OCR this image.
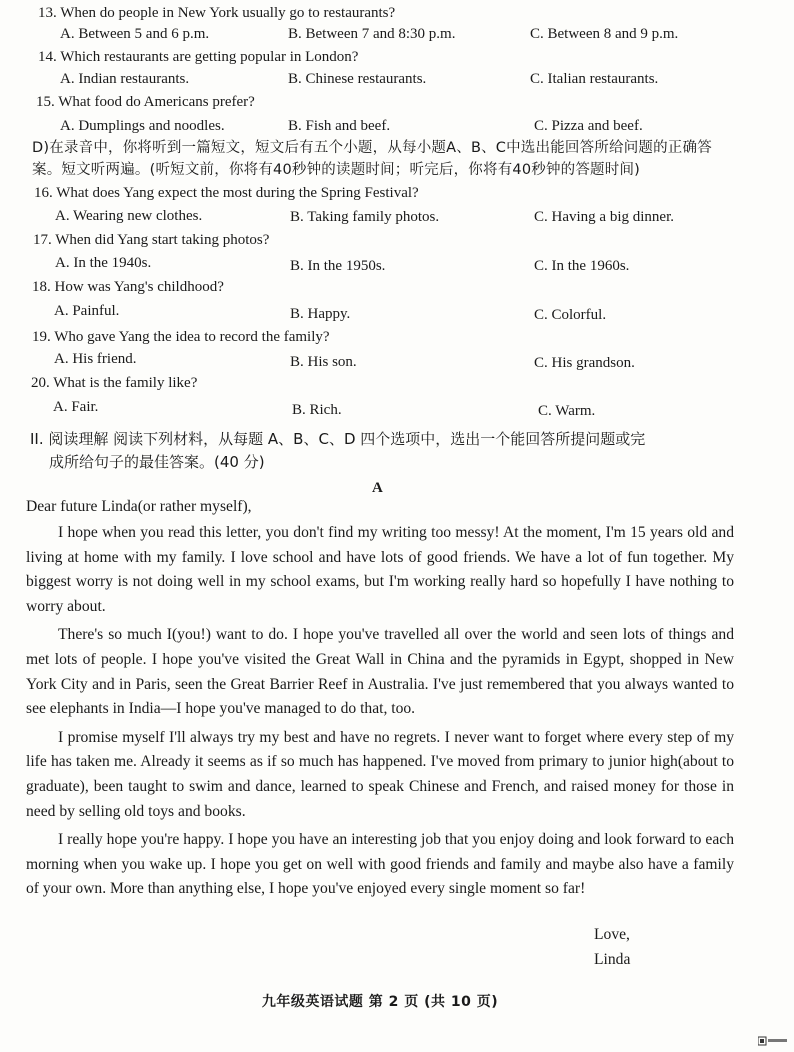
13. When do people in New York usually go to restaurants?
A. Between 5 and 6 p.m.	B. Between 7 and 8:30 p.m.	C. Between 8 and 9 p.m.
14. Which restaurants are getting popular in London?
A. Indian restaurants.	B. Chinese restaurants.	C. Italian restaurants.
15. What food do Americans prefer?
A. Dumplings and noodles.	B. Fish and beef.	C. Pizza and beef.
D)在录音中，你将听到一篇短文，短文后有五个小题，从每小题A、B、C中选出能回答所给问题的正确答
案。短文听两遍。(听短文前，你将有40秒钟的读题时间；听完后，你将有40秒钟的答题时间)
16. What does Yang expect the most during the Spring Festival?
A. Wearing new clothes.	B. Taking family photos.	C. Having a big dinner.
17. When did Yang start taking photos?
A. In the 1940s.	B. In the 1950s.	C. In the 1960s.
18. How was Yang's childhood?
A. Painful.	B. Happy.	C. Colorful.
19. Who gave Yang the idea to record the family?
A. His friend.	B. His son.	C. His grandson.
20. What is the family like?
A. Fair.	B. Rich.	C. Warm.
II. 阅读理解 阅读下列材料，从每题 A、B、C、D 四个选项中，选出一个能回答所提问题或完
成所给句子的最佳答案。(40 分)
A
Dear future Linda(or rather myself),

I hope when you read this letter, you don't find my writing too messy! At the moment, I'm 15 years old and living at home with my family. I love school and have lots of good friends. We have a lot of fun together. My biggest worry is not doing well in my school exams, but I'm working really hard so hopefully I have nothing to worry about.

There's so much I(you!) want to do. I hope you've travelled all over the world and seen lots of things and met lots of people. I hope you've visited the Great Wall in China and the pyramids in Egypt, shopped in New York City and in Paris, seen the Great Barrier Reef in Australia. I've just remembered that you always wanted to see elephants in India—I hope you've managed to do that, too.

I promise myself I'll always try my best and have no regrets. I never want to forget where every step of my life has taken me. Already it seems as if so much has happened. I've moved from primary to junior high(about to graduate), been taught to swim and dance, learned to speak Chinese and French, and raised money for those in need by selling old toys and books.

I really hope you're happy. I hope you have an interesting job that you enjoy doing and look forward to each morning when you wake up. I hope you get on well with good friends and family and maybe also have a family of your own. More than anything else, I hope you've enjoyed every single moment so far!

Love,
Linda
九年级英语试题 第 2 页 (共 10 页)
